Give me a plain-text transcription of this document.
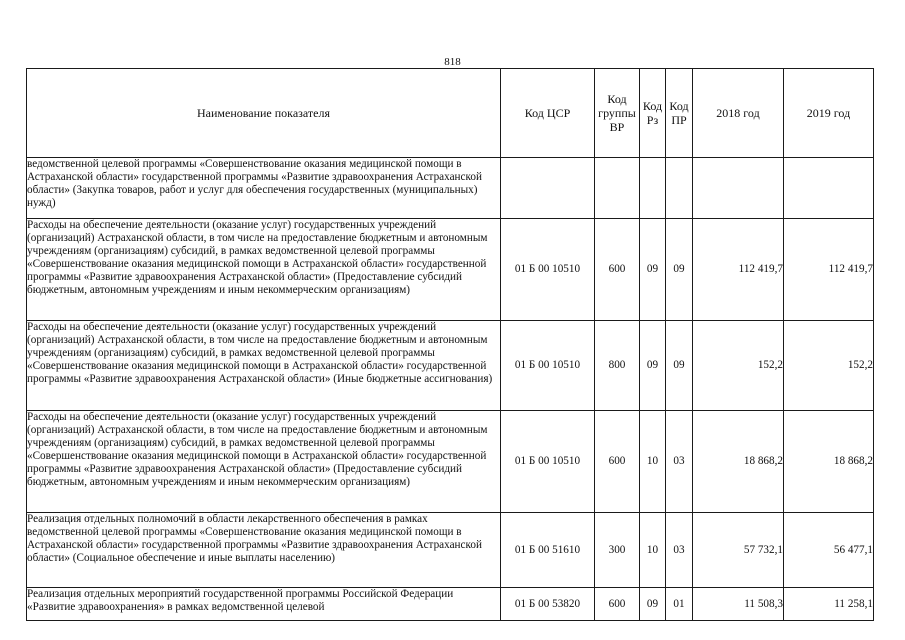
818
Наименование показателя	Код ЦСР	Код группы ВР	Код Рз	Код ПР	2018 год	2019 год
ведомственной целевой программы «Совершенствование оказания медицинской помощи в Астраханской области» государственной программы «Развитие здравоохранения Астраханской области» (Закупка товаров, работ и услуг для обеспечения государственных (муниципальных) нужд)						
Расходы на обеспечение деятельности (оказание услуг) государственных учреждений (организаций) Астраханской области, в том числе на предоставление бюджетным и автономным учреждениям (организациям) субсидий, в рамках ведомственной целевой программы «Совершенствование оказания медицинской помощи в Астраханской области» государственной программы «Развитие здравоохранения Астраханской области» (Предоставление субсидий бюджетным, автономным учреждениям и иным некоммерческим организациям)	01 Б 00 10510	600	09	09	112 419,7	112 419,7
Расходы на обеспечение деятельности (оказание услуг) государственных учреждений (организаций) Астраханской области, в том числе на предоставление бюджетным и автономным учреждениям (организациям) субсидий, в рамках ведомственной целевой программы «Совершенствование оказания медицинской помощи в Астраханской области» государственной программы «Развитие здравоохранения Астраханской области» (Иные бюджетные ассигнования)	01 Б 00 10510	800	09	09	152,2	152,2
Расходы на обеспечение деятельности (оказание услуг) государственных учреждений (организаций) Астраханской области, в том числе на предоставление бюджетным и автономным учреждениям (организациям) субсидий, в рамках ведомственной целевой программы «Совершенствование оказания медицинской помощи в Астраханской области» государственной программы «Развитие здравоохранения Астраханской области» (Предоставление субсидий бюджетным, автономным учреждениям и иным некоммерческим организациям)	01 Б 00 10510	600	10	03	18 868,2	18 868,2
Реализация отдельных полномочий в области лекарственного обеспечения в рамках ведомственной целевой программы «Совершенствование оказания медицинской помощи в Астраханской области» государственной программы «Развитие здравоохранения Астраханской области» (Социальное обеспечение и иные выплаты населению)	01 Б 00 51610	300	10	03	57 732,1	56 477,1
Реализация отдельных мероприятий государственной программы Российской Федерации «Развитие здравоохранения» в рамках ведомственной целевой	01 Б 00 53820	600	09	01	11 508,3	11 258,1
